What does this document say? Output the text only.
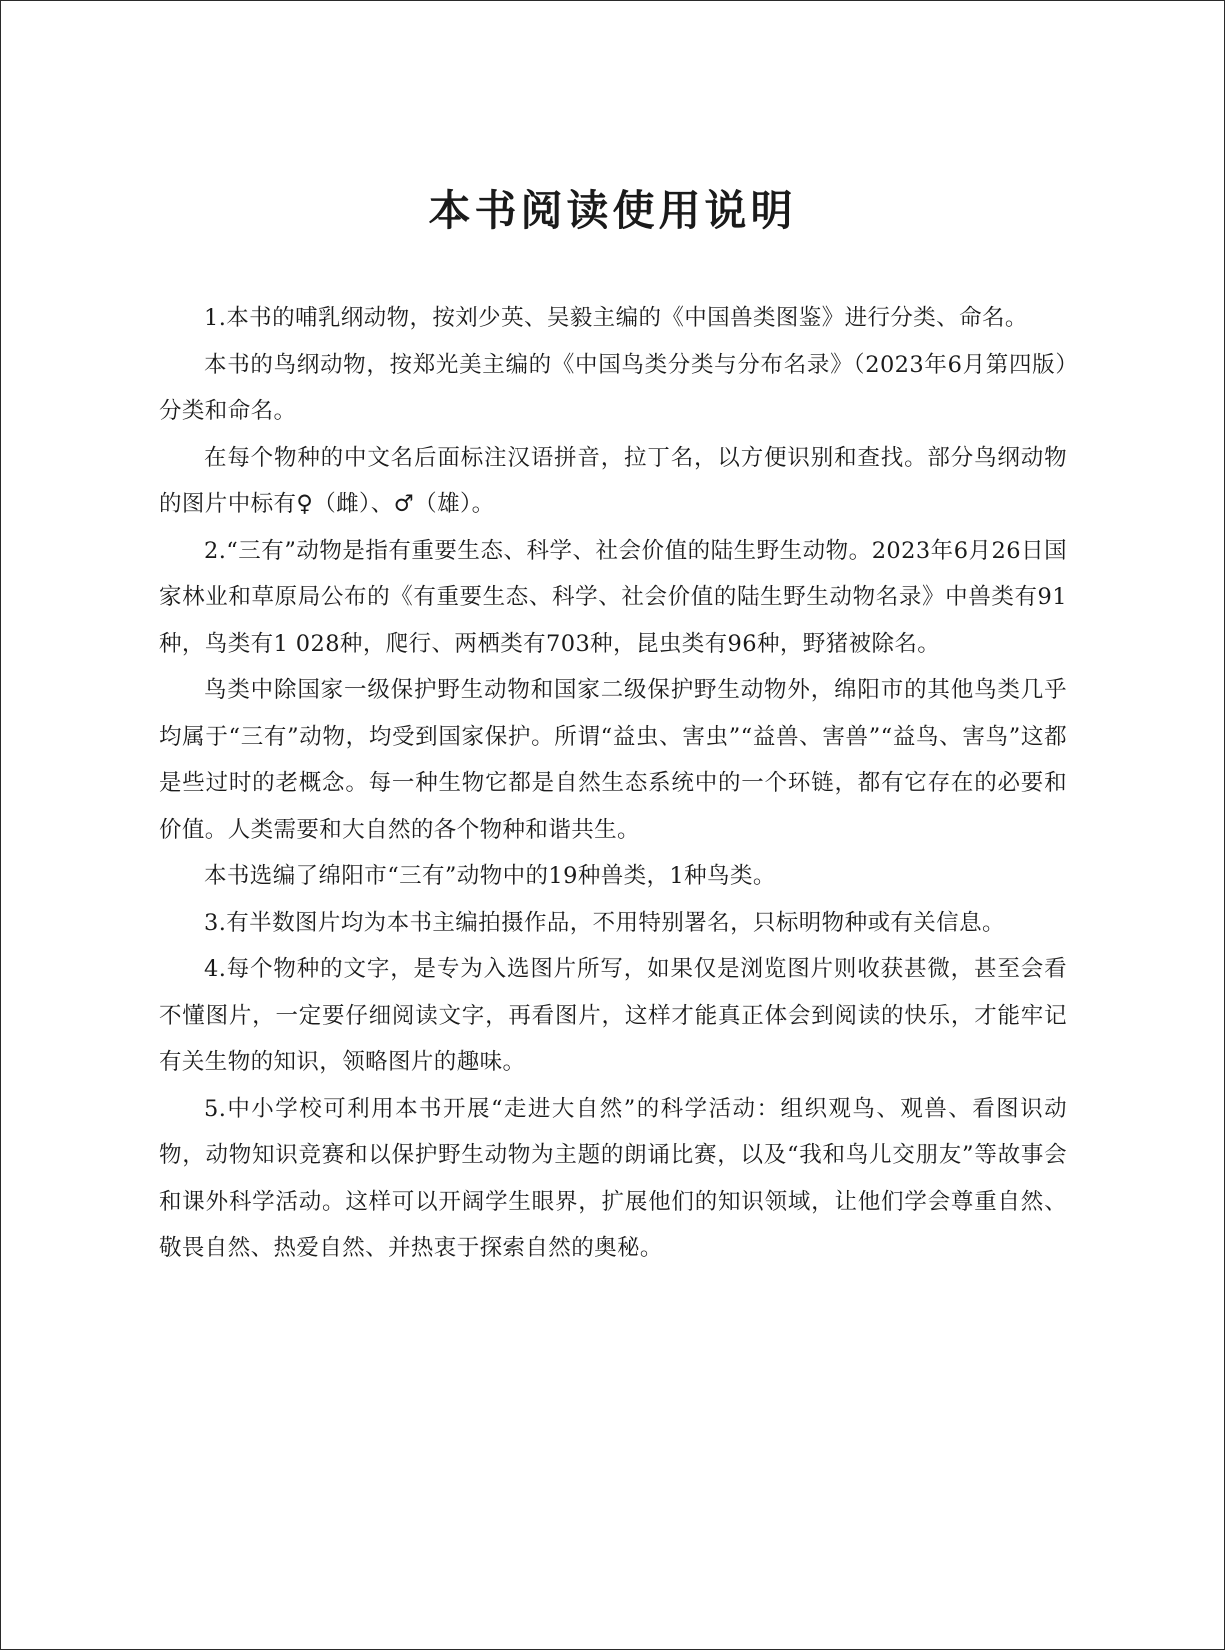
本书阅读使用说明

1.本书的哺乳纲动物，按刘少英、吴毅主编的《中国兽类图鉴》进行分类、命名。

本书的鸟纲动物，按郑光美主编的《中国鸟类分类与分布名录》（2023年6月第四版）分类和命名。

在每个物种的中文名后面标注汉语拼音，拉丁名，以方便识别和查找。部分鸟纲动物的图片中标有♀（雌）、♂（雄）。

2.“三有”动物是指有重要生态、科学、社会价值的陆生野生动物。2023年6月26日国家林业和草原局公布的《有重要生态、科学、社会价值的陆生野生动物名录》中兽类有91种，鸟类有1 028种，爬行、两栖类有703种，昆虫类有96种，野猪被除名。

鸟类中除国家一级保护野生动物和国家二级保护野生动物外，绵阳市的其他鸟类几乎均属于“三有”动物，均受到国家保护。所谓“益虫、害虫”“益兽、害兽”“益鸟、害鸟”这都是些过时的老概念。每一种生物它都是自然生态系统中的一个环链，都有它存在的必要和价值。人类需要和大自然的各个物种和谐共生。

本书选编了绵阳市“三有”动物中的19种兽类，1种鸟类。

3.有半数图片均为本书主编拍摄作品，不用特别署名，只标明物种或有关信息。

4.每个物种的文字，是专为入选图片所写，如果仅是浏览图片则收获甚微，甚至会看不懂图片，一定要仔细阅读文字，再看图片，这样才能真正体会到阅读的快乐，才能牢记有关生物的知识，领略图片的趣味。

5.中小学校可利用本书开展“走进大自然”的科学活动：组织观鸟、观兽、看图识动物，动物知识竞赛和以保护野生动物为主题的朗诵比赛，以及“我和鸟儿交朋友”等故事会和课外科学活动。这样可以开阔学生眼界，扩展他们的知识领域，让他们学会尊重自然、敬畏自然、热爱自然、并热衷于探索自然的奥秘。
